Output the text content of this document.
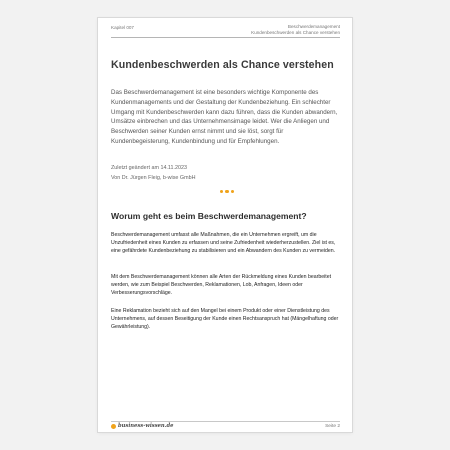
Kapitel 007	Beschwerdemanagement
Kundenbeschwerden als Chance verstehen
Kundenbeschwerden als Chance verstehen
Das Beschwerdemanagement ist eine besonders wichtige Komponente des Kundenmanagements und der Gestaltung der Kundenbeziehung. Ein schlechter Umgang mit Kundenbeschwerden kann dazu führen, dass die Kunden abwandern, Umsätze einbrechen und das Unternehmensimage leidet. Wer die Anliegen und Beschwerden seiner Kunden ernst nimmt und sie löst, sorgt für Kundenbegeisterung, Kundenbindung und für Empfehlungen.
Zuletzt geändert am 14.11.2023
Von Dr. Jürgen Fleig, b-wise GmbH
Worum geht es beim Beschwerdemanagement?
Beschwerdemanagement umfasst alle Maßnahmen, die ein Unternehmen ergreift, um die Unzufriedenheit eines Kunden zu erfassen und seine Zufriedenheit wiederherzustellen. Ziel ist es, eine gefährdete Kundenbeziehung zu stabilisieren und ein Abwandern des Kunden zu vermeiden.
Mit dem Beschwerdemanagement können alle Arten der Rückmeldung eines Kunden bearbeitet werden, wie zum Beispiel Beschwerden, Reklamationen, Lob, Anfragen, Ideen oder Verbesserungsvorschläge.
Eine Reklamation bezieht sich auf den Mangel bei einem Produkt oder einer Dienstleistung des Unternehmens, auf dessen Beseitigung der Kunde einen Rechtsanspruch hat (Mängelhaftung oder Gewährleistung).
business-wissen.de	Seite 2
